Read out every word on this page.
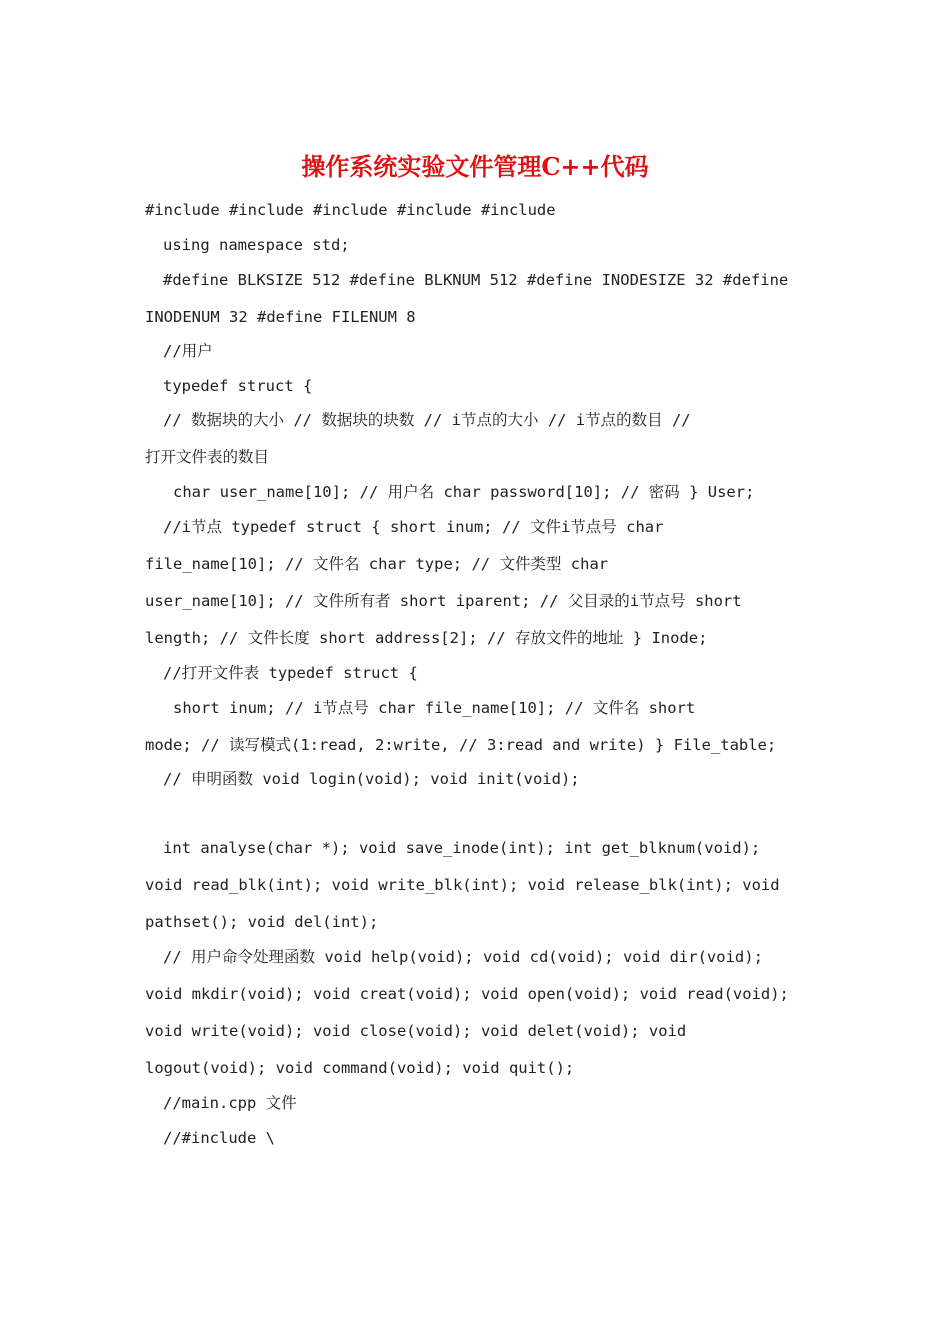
操作系统实验文件管理C++代码

#include #include #include #include #include

using namespace std;

#define BLKSIZE 512 #define BLKNUM 512 #define INODESIZE 32 #define

INODENUM 32 #define FILENUM 8

//用户

typedef struct {

// 数据块的大小 // 数据块的块数 // i节点的大小 // i节点的数目 //

打开文件表的数目

char user_name[10]; // 用户名 char password[10]; // 密码 } User;

//i节点 typedef struct { short inum; // 文件i节点号 char

file_name[10]; // 文件名 char type; // 文件类型 char

user_name[10]; // 文件所有者 short iparent; // 父目录的i节点号 short

length; // 文件长度 short address[2]; // 存放文件的地址 } Inode;

//打开文件表 typedef struct {

short inum; // i节点号 char file_name[10]; // 文件名 short

mode; // 读写模式(1:read, 2:write, // 3:read and write) } File_table;

// 申明函数 void login(void); void init(void);

int analyse(char *); void save_inode(int); int get_blknum(void);

void read_blk(int); void write_blk(int); void release_blk(int); void

pathset(); void del(int);

// 用户命令处理函数 void help(void); void cd(void); void dir(void);

void mkdir(void); void creat(void); void open(void); void read(void);

void write(void); void close(void); void delet(void); void

logout(void); void command(void); void quit();

//main.cpp 文件

//#include \
